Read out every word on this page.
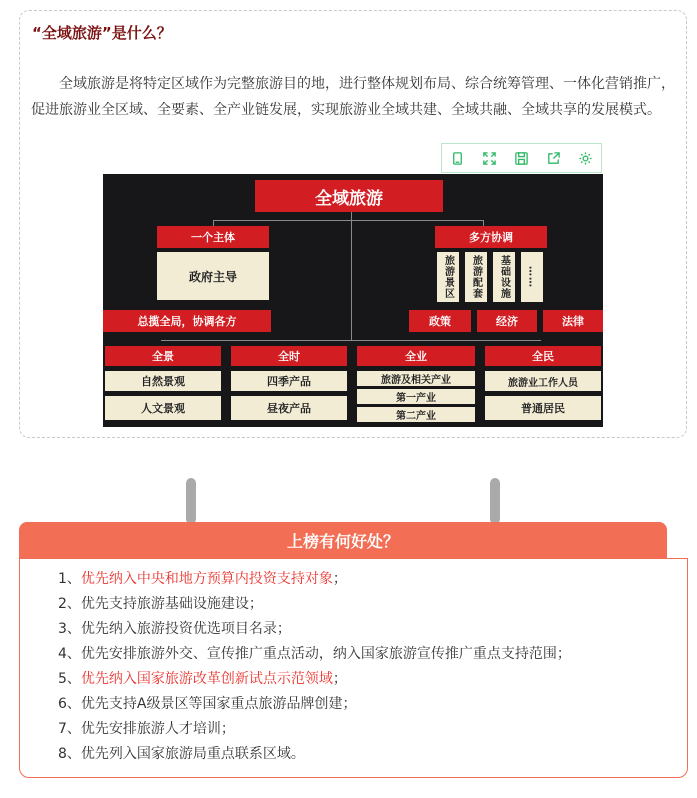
“全域旅游”是什么？

全域旅游是将特定区域作为完整旅游目的地，进行整体规划布局、综合统筹管理、一体化营销推广，促进旅游业全区域、全要素、全产业链发展，实现旅游业全域共建、全域共融、全域共享的发展模式。

全域旅游
一个主体
政府主导
多方协调
旅游景区	旅游配套	基础设施	……
总揽全局，协调各方	政策	经济	法律
全景
自然景观
人文景观
全时
四季产品
昼夜产品
全业
旅游及相关产业
第一产业
第二产业
全民
旅游业工作人员
普通居民
上榜有何好处？
1、优先纳入中央和地方预算内投资支持对象；
2、优先支持旅游基础设施建设；
3、优先纳入旅游投资优选项目名录；
4、优先安排旅游外交、宣传推广重点活动，纳入国家旅游宣传推广重点支持范围；
5、优先纳入国家旅游改革创新试点示范领域；
6、优先支持A级景区等国家重点旅游品牌创建；
7、优先安排旅游人才培训；
8、优先列入国家旅游局重点联系区域。
